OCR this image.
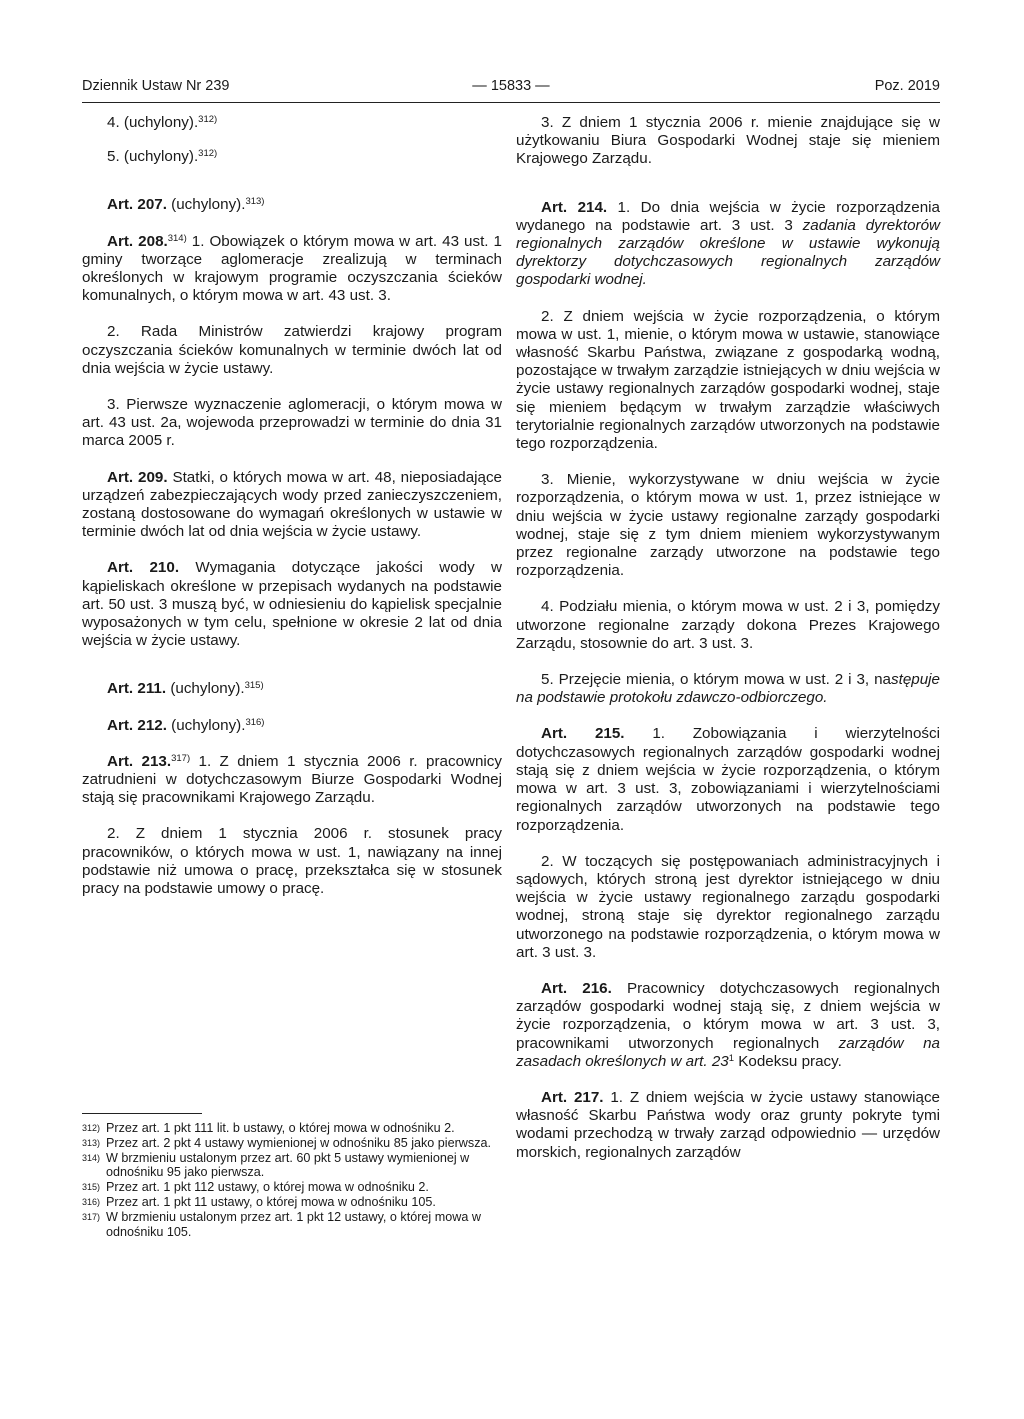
Dziennik Ustaw Nr 239	— 15833 —	Poz. 2019

4. (uchylony).$^{312)}$

5. (uchylony).$^{312)}$

Art. 207. (uchylony).$^{313)}$

Art. 208.$^{314)}$ 1. Obowiązek o którym mowa w art. 43 ust. 1 gminy tworzące aglomeracje zrealizują w terminach określonych w krajowym programie oczyszczania ścieków komunalnych, o którym mowa w art. 43 ust. 3.

2. Rada Ministrów zatwierdzi krajowy program oczyszczania ścieków komunalnych w terminie dwóch lat od dnia wejścia w życie ustawy.

3. Pierwsze wyznaczenie aglomeracji, o którym mowa w art. 43 ust. 2a, wojewoda przeprowadzi w terminie do dnia 31 marca 2005 r.

Art. 209. Statki, o których mowa w art. 48, nieposiadające urządzeń zabezpieczających wody przed zanieczyszczeniem, zostaną dostosowane do wymagań określonych w ustawie w terminie dwóch lat od dnia wejścia w życie ustawy.

Art. 210. Wymagania dotyczące jakości wody w kąpieliskach określone w przepisach wydanych na podstawie art. 50 ust. 3 muszą być, w odniesieniu do kąpielisk specjalnie wyposażonych w tym celu, spełnione w okresie 2 lat od dnia wejścia w życie ustawy.

Art. 211. (uchylony).$^{315)}$

Art. 212. (uchylony).$^{316)}$

Art. 213.$^{317)}$ 1. Z dniem 1 stycznia 2006 r. pracownicy zatrudnieni w dotychczasowym Biurze Gospodarki Wodnej stają się pracownikami Krajowego Zarządu.

2. Z dniem 1 stycznia 2006 r. stosunek pracy pracowników, o których mowa w ust. 1, nawiązany na innej podstawie niż umowa o pracę, przekształca się w stosunek pracy na podstawie umowy o pracę.

312) Przez art. 1 pkt 111 lit. b ustawy, o której mowa w odnośniku 2.

313) Przez art. 2 pkt 4 ustawy wymienionej w odnośniku 85 jako pierwsza.

314) W brzmieniu ustalonym przez art. 60 pkt 5 ustawy wymienionej w odnośniku 95 jako pierwsza.

315) Przez art. 1 pkt 112 ustawy, o której mowa w odnośniku 2.

316) Przez art. 1 pkt 11 ustawy, o której mowa w odnośniku 105.

317) W brzmieniu ustalonym przez art. 1 pkt 12 ustawy, o której mowa w odnośniku 105.

3. Z dniem 1 stycznia 2006 r. mienie znajdujące się w użytkowaniu Biura Gospodarki Wodnej staje się mieniem Krajowego Zarządu.

Art. 214. 1. Do dnia wejścia w życie rozporządzenia wydanego na podstawie art. 3 ust. 3 zadania dyrektorów regionalnych zarządów określone w ustawie wykonują dyrektorzy dotychczasowych regionalnych zarządów gospodarki wodnej.

2. Z dniem wejścia w życie rozporządzenia, o którym mowa w ust. 1, mienie, o którym mowa w ustawie, stanowiące własność Skarbu Państwa, związane z gospodarką wodną, pozostające w trwałym zarządzie istniejących w dniu wejścia w życie ustawy regionalnych zarządów gospodarki wodnej, staje się mieniem będącym w trwałym zarządzie właściwych terytorialnie regionalnych zarządów utworzonych na podstawie tego rozporządzenia.

3. Mienie, wykorzystywane w dniu wejścia w życie rozporządzenia, o którym mowa w ust. 1, przez istniejące w dniu wejścia w życie ustawy regionalne zarządy gospodarki wodnej, staje się z tym dniem mieniem wykorzystywanym przez regionalne zarządy utworzone na podstawie tego rozporządzenia.

4. Podziału mienia, o którym mowa w ust. 2 i 3, pomiędzy utworzone regionalne zarządy dokona Prezes Krajowego Zarządu, stosownie do art. 3 ust. 3.

5. Przejęcie mienia, o którym mowa w ust. 2 i 3, następuje na podstawie protokołu zdawczo-odbiorczego.

Art. 215. 1. Zobowiązania i wierzytelności dotychczasowych regionalnych zarządów gospodarki wodnej stają się z dniem wejścia w życie rozporządzenia, o którym mowa w art. 3 ust. 3, zobowiązaniami i wierzytelnościami regionalnych zarządów utworzonych na podstawie tego rozporządzenia.

2. W toczących się postępowaniach administracyjnych i sądowych, których stroną jest dyrektor istniejącego w dniu wejścia w życie ustawy regionalnego zarządu gospodarki wodnej, stroną staje się dyrektor regionalnego zarządu utworzonego na podstawie rozporządzenia, o którym mowa w art. 3 ust. 3.

Art. 216. Pracownicy dotychczasowych regionalnych zarządów gospodarki wodnej stają się, z dniem wejścia w życie rozporządzenia, o którym mowa w art. 3 ust. 3, pracownikami utworzonych regionalnych zarządów na zasadach określonych w art. $23^1$ Kodeksu pracy.

Art. 217. 1. Z dniem wejścia w życie ustawy stanowiące własność Skarbu Państwa wody oraz grunty pokryte tymi wodami przechodzą w trwały zarząd odpowiednio — urzędów morskich, regionalnych zarządów
